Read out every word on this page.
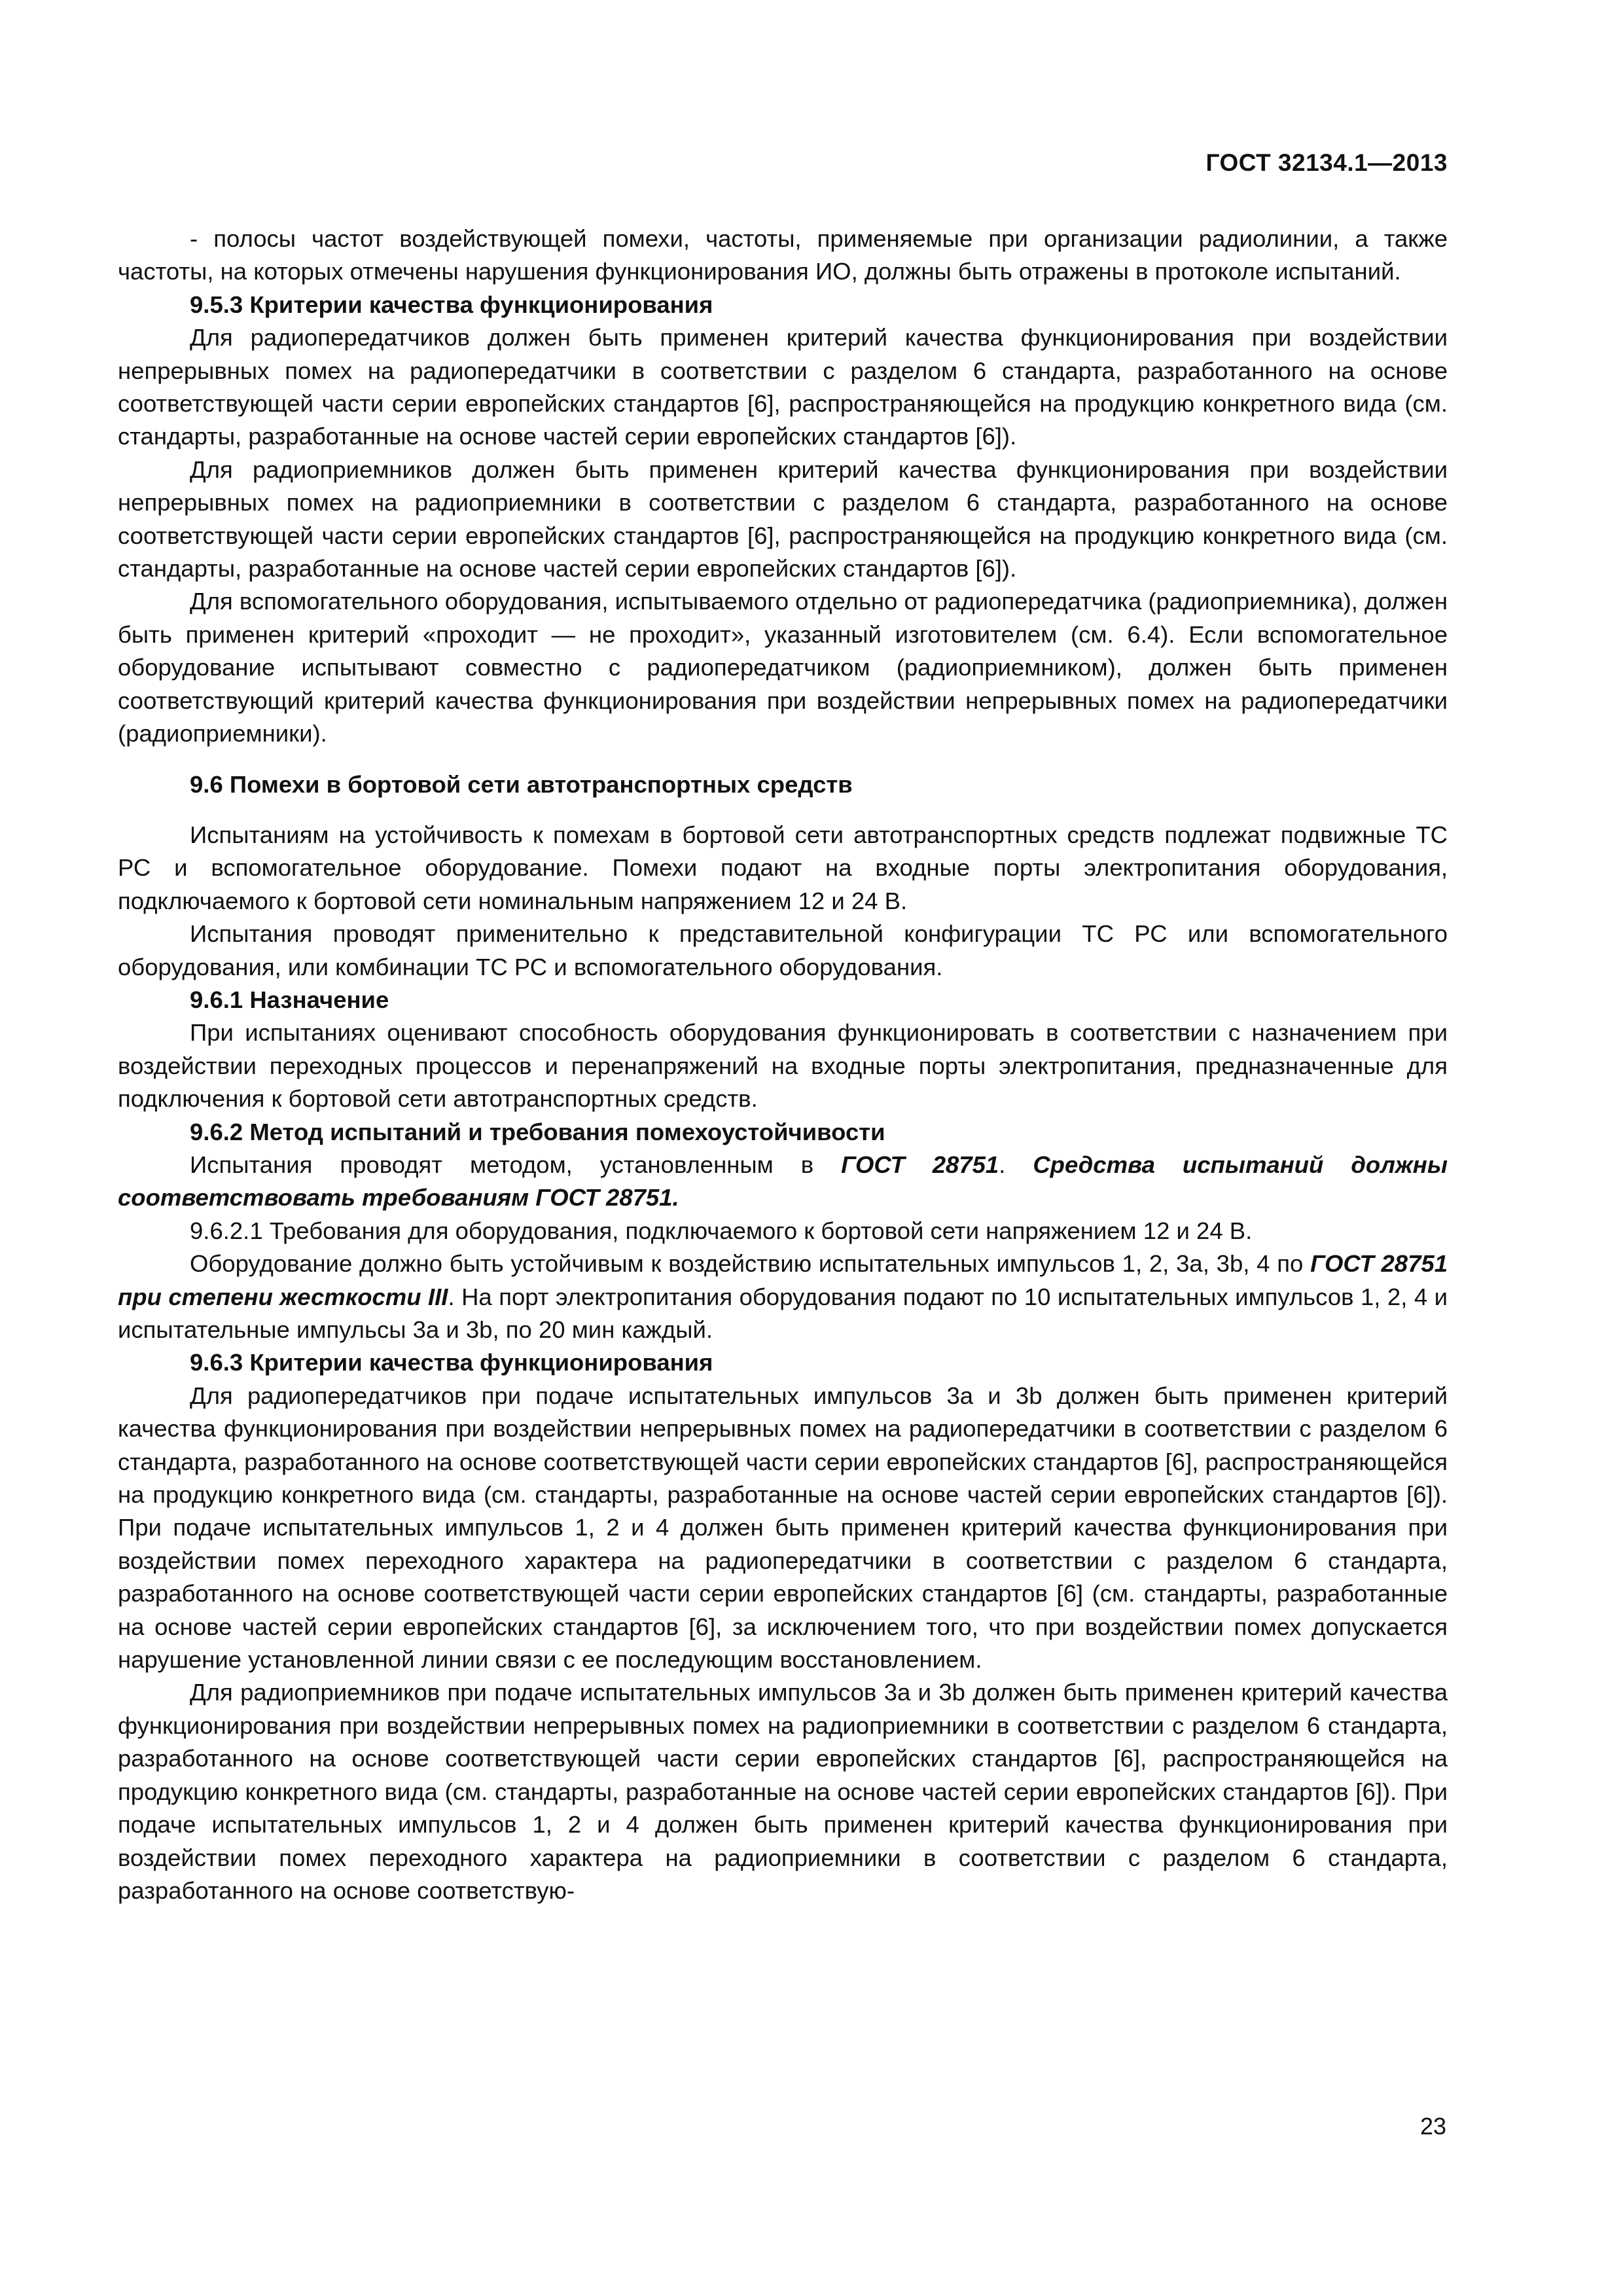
ГОСТ 32134.1—2013

- полосы частот воздействующей помехи, частоты, применяемые при организации радиолинии, а также частоты, на которых отмечены нарушения функционирования ИО, должны быть отражены в протоколе испытаний.

9.5.3 Критерии качества функционирования

Для радиопередатчиков должен быть применен критерий качества функционирования при воздействии непрерывных помех на радиопередатчики в соответствии с разделом 6 стандарта, разработанного на основе соответствующей части серии европейских стандартов [6], распространяющейся на продукцию конкретного вида (см. стандарты, разработанные на основе частей серии европейских стандартов [6]).

Для радиоприемников должен быть применен критерий качества функционирования при воздействии непрерывных помех на радиоприемники в соответствии с разделом 6 стандарта, разработанного на основе соответствующей части серии европейских стандартов [6], распространяющейся на продукцию конкретного вида (см. стандарты, разработанные на основе частей серии европейских стандартов [6]).

Для вспомогательного оборудования, испытываемого отдельно от радиопередатчика (радиоприемника), должен быть применен критерий «проходит — не проходит», указанный изготовителем (см. 6.4). Если вспомогательное оборудование испытывают совместно с радиопередатчиком (радиоприемником), должен быть применен соответствующий критерий качества функционирования при воздействии непрерывных помех на радиопередатчики (радиоприемники).

9.6 Помехи в бортовой сети автотранспортных средств

Испытаниям на устойчивость к помехам в бортовой сети автотранспортных средств подлежат подвижные ТС РС и вспомогательное оборудование. Помехи подают на входные порты электропитания оборудования, подключаемого к бортовой сети номинальным напряжением 12 и 24 В.

Испытания проводят применительно к представительной конфигурации ТС РС или вспомогательного оборудования, или комбинации ТС РС и вспомогательного оборудования.

9.6.1 Назначение

При испытаниях оценивают способность оборудования функционировать в соответствии с назначением при воздействии переходных процессов и перенапряжений на входные порты электропитания, предназначенные для подключения к бортовой сети автотранспортных средств.

9.6.2 Метод испытаний и требования помехоустойчивости

Испытания проводят методом, установленным в ГОСТ 28751. Средства испытаний должны соответствовать требованиям ГОСТ 28751.

9.6.2.1 Требования для оборудования, подключаемого к бортовой сети напряжением 12 и 24 В.

Оборудование должно быть устойчивым к воздействию испытательных импульсов 1, 2, 3а, 3b, 4 по ГОСТ 28751 при степени жесткости III. На порт электропитания оборудования подают по 10 испытательных импульсов 1, 2, 4 и испытательные импульсы 3а и 3b, по 20 мин каждый.

9.6.3 Критерии качества функционирования

Для радиопередатчиков при подаче испытательных импульсов 3а и 3b должен быть применен критерий качества функционирования при воздействии непрерывных помех на радиопередатчики в соответствии с разделом 6 стандарта, разработанного на основе соответствующей части серии европейских стандартов [6], распространяющейся на продукцию конкретного вида (см. стандарты, разработанные на основе частей серии европейских стандартов [6]). При подаче испытательных импульсов 1, 2 и 4 должен быть применен критерий качества функционирования при воздействии помех переходного характера на радиопередатчики в соответствии с разделом 6 стандарта, разработанного на основе соответствующей части серии европейских стандартов [6] (см. стандарты, разработанные на основе частей серии европейских стандартов [6], за исключением того, что при воздействии помех допускается нарушение установленной линии связи с ее последующим восстановлением.

Для радиоприемников при подаче испытательных импульсов 3а и 3b должен быть применен критерий качества функционирования при воздействии непрерывных помех на радиоприемники в соответствии с разделом 6 стандарта, разработанного на основе соответствующей части серии европейских стандартов [6], распространяющейся на продукцию конкретного вида (см. стандарты, разработанные на основе частей серии европейских стандартов [6]). При подаче испытательных импульсов 1, 2 и 4 должен быть применен критерий качества функционирования при воздействии помех переходного характера на радиоприемники в соответствии с разделом 6 стандарта, разработанного на основе соответствую-

23
